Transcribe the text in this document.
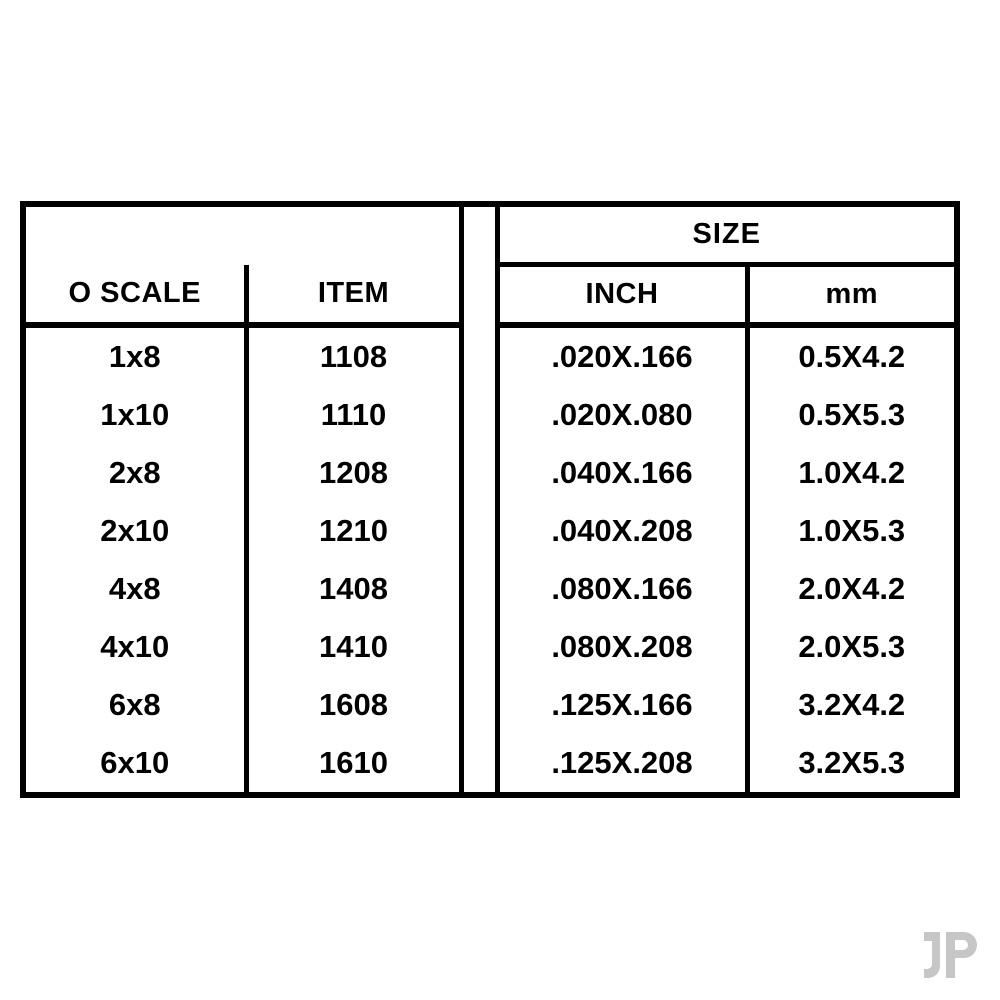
			SIZE	
O SCALE	ITEM		INCH	mm
1x8	1108		.020X.166	0.5X4.2
1x10	1110		.020X.080	0.5X5.3
2x8	1208		.040X.166	1.0X4.2
2x10	1210		.040X.208	1.0X5.3
4x8	1408		.080X.166	2.0X4.2
4x10	1410		.080X.208	2.0X5.3
6x8	1608		.125X.166	3.2X4.2
6x10	1610		.125X.208	3.2X5.3
